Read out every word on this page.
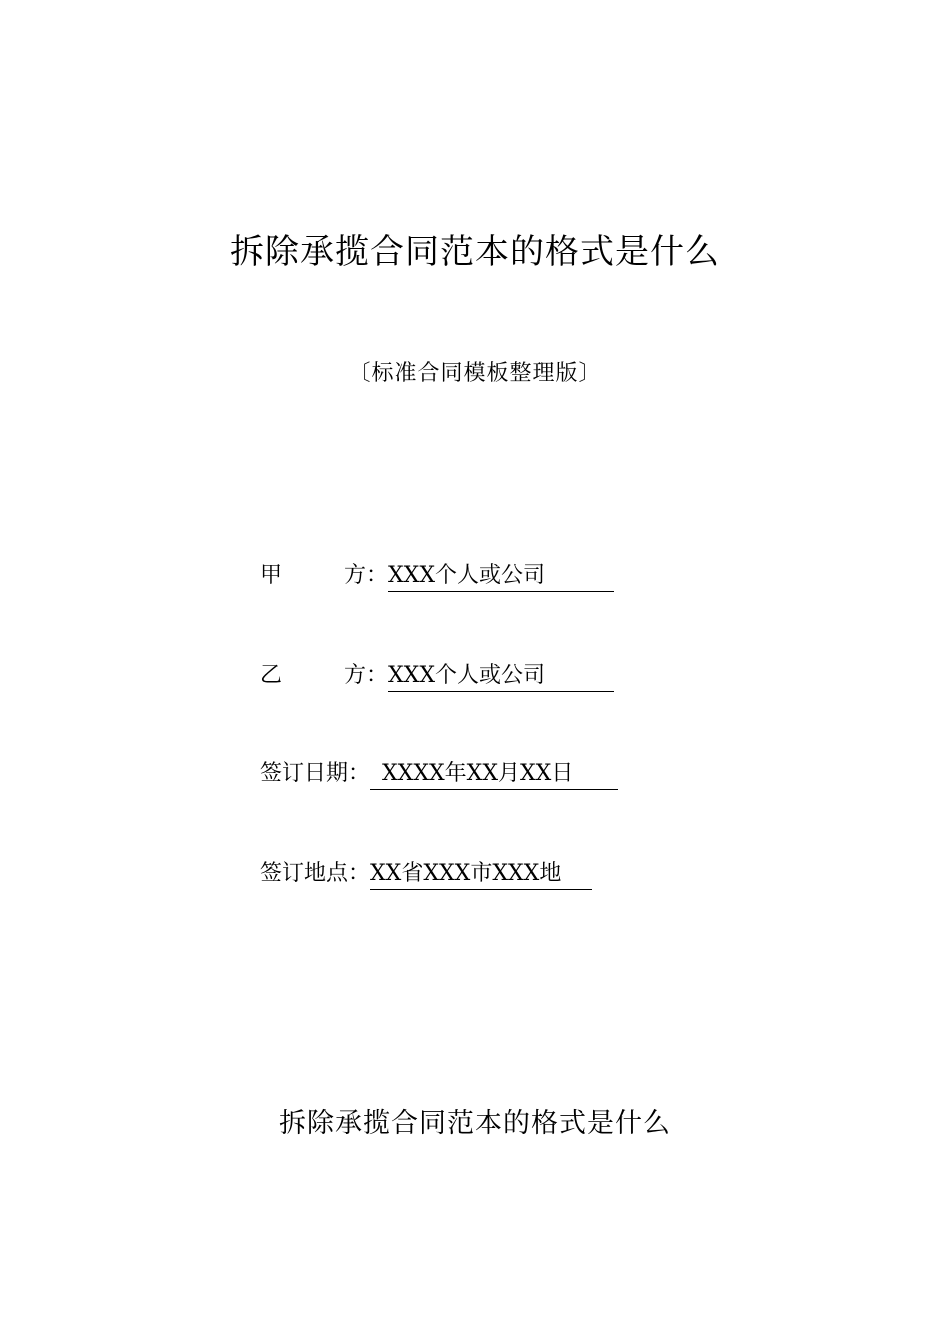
拆除承揽合同范本的格式是什么
〔标准合同模板整理版〕
甲	方： XXX个人或公司
乙	方： XXX个人或公司
签订日期： XXXX年XX月XX日
签订地点：XX省XXX市XXX地
拆除承揽合同范本的格式是什么
